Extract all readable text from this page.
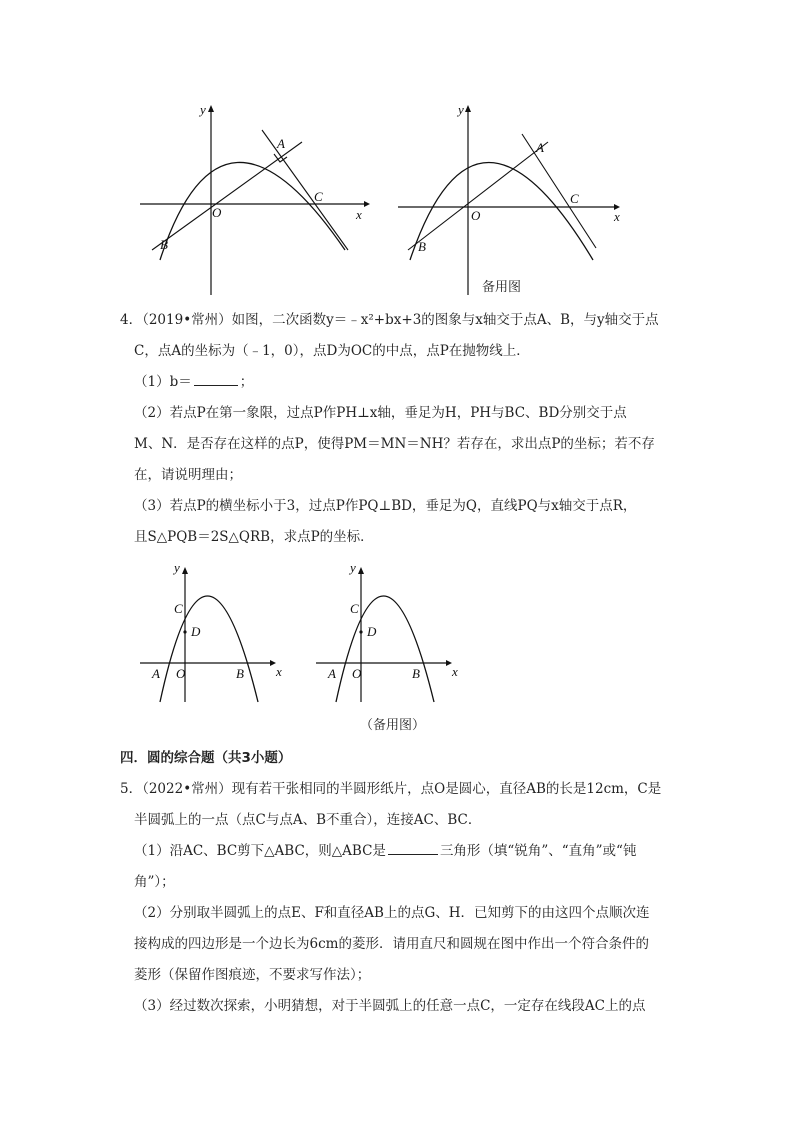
y
x
O
A
B
C
y
x
O
A
B
C
备用图
4．（2019•常州）如图，二次函数y＝﹣x²+bx+3的图象与x轴交于点A、B，与y轴交于点
C，点A的坐标为（﹣1，0），点D为OC的中点，点P在抛物线上．
（1）b＝	；
（2）若点P在第一象限，过点P作PH⊥x轴，垂足为H，PH与BC、BD分别交于点
M、N．是否存在这样的点P，使得PM＝MN＝NH？若存在，求出点P的坐标；若不存
在，请说明理由；
（3）若点P的横坐标小于3，过点P作PQ⊥BD，垂足为Q，直线PQ与x轴交于点R，
且S△PQB＝2S△QRB，求点P的坐标．
y
x
C
D
A O	B
y
x
C
D
A O	B
（备用图）
四．圆的综合题（共3小题）
5．（2022•常州）现有若干张相同的半圆形纸片，点O是圆心，直径AB的长是12cm，C是
半圆弧上的一点（点C与点A、B不重合），连接AC、BC．
（1）沿AC、BC剪下△ABC，则△ABC是	三角形（填“锐角”、“直角”或“钝
角”）；
（2）分别取半圆弧上的点E、F和直径AB上的点G、H．已知剪下的由这四个点顺次连
接构成的四边形是一个边长为6cm的菱形．请用直尺和圆规在图中作出一个符合条件的
菱形（保留作图痕迹，不要求写作法）；
（3）经过数次探索，小明猜想，对于半圆弧上的任意一点C，一定存在线段AC上的点
